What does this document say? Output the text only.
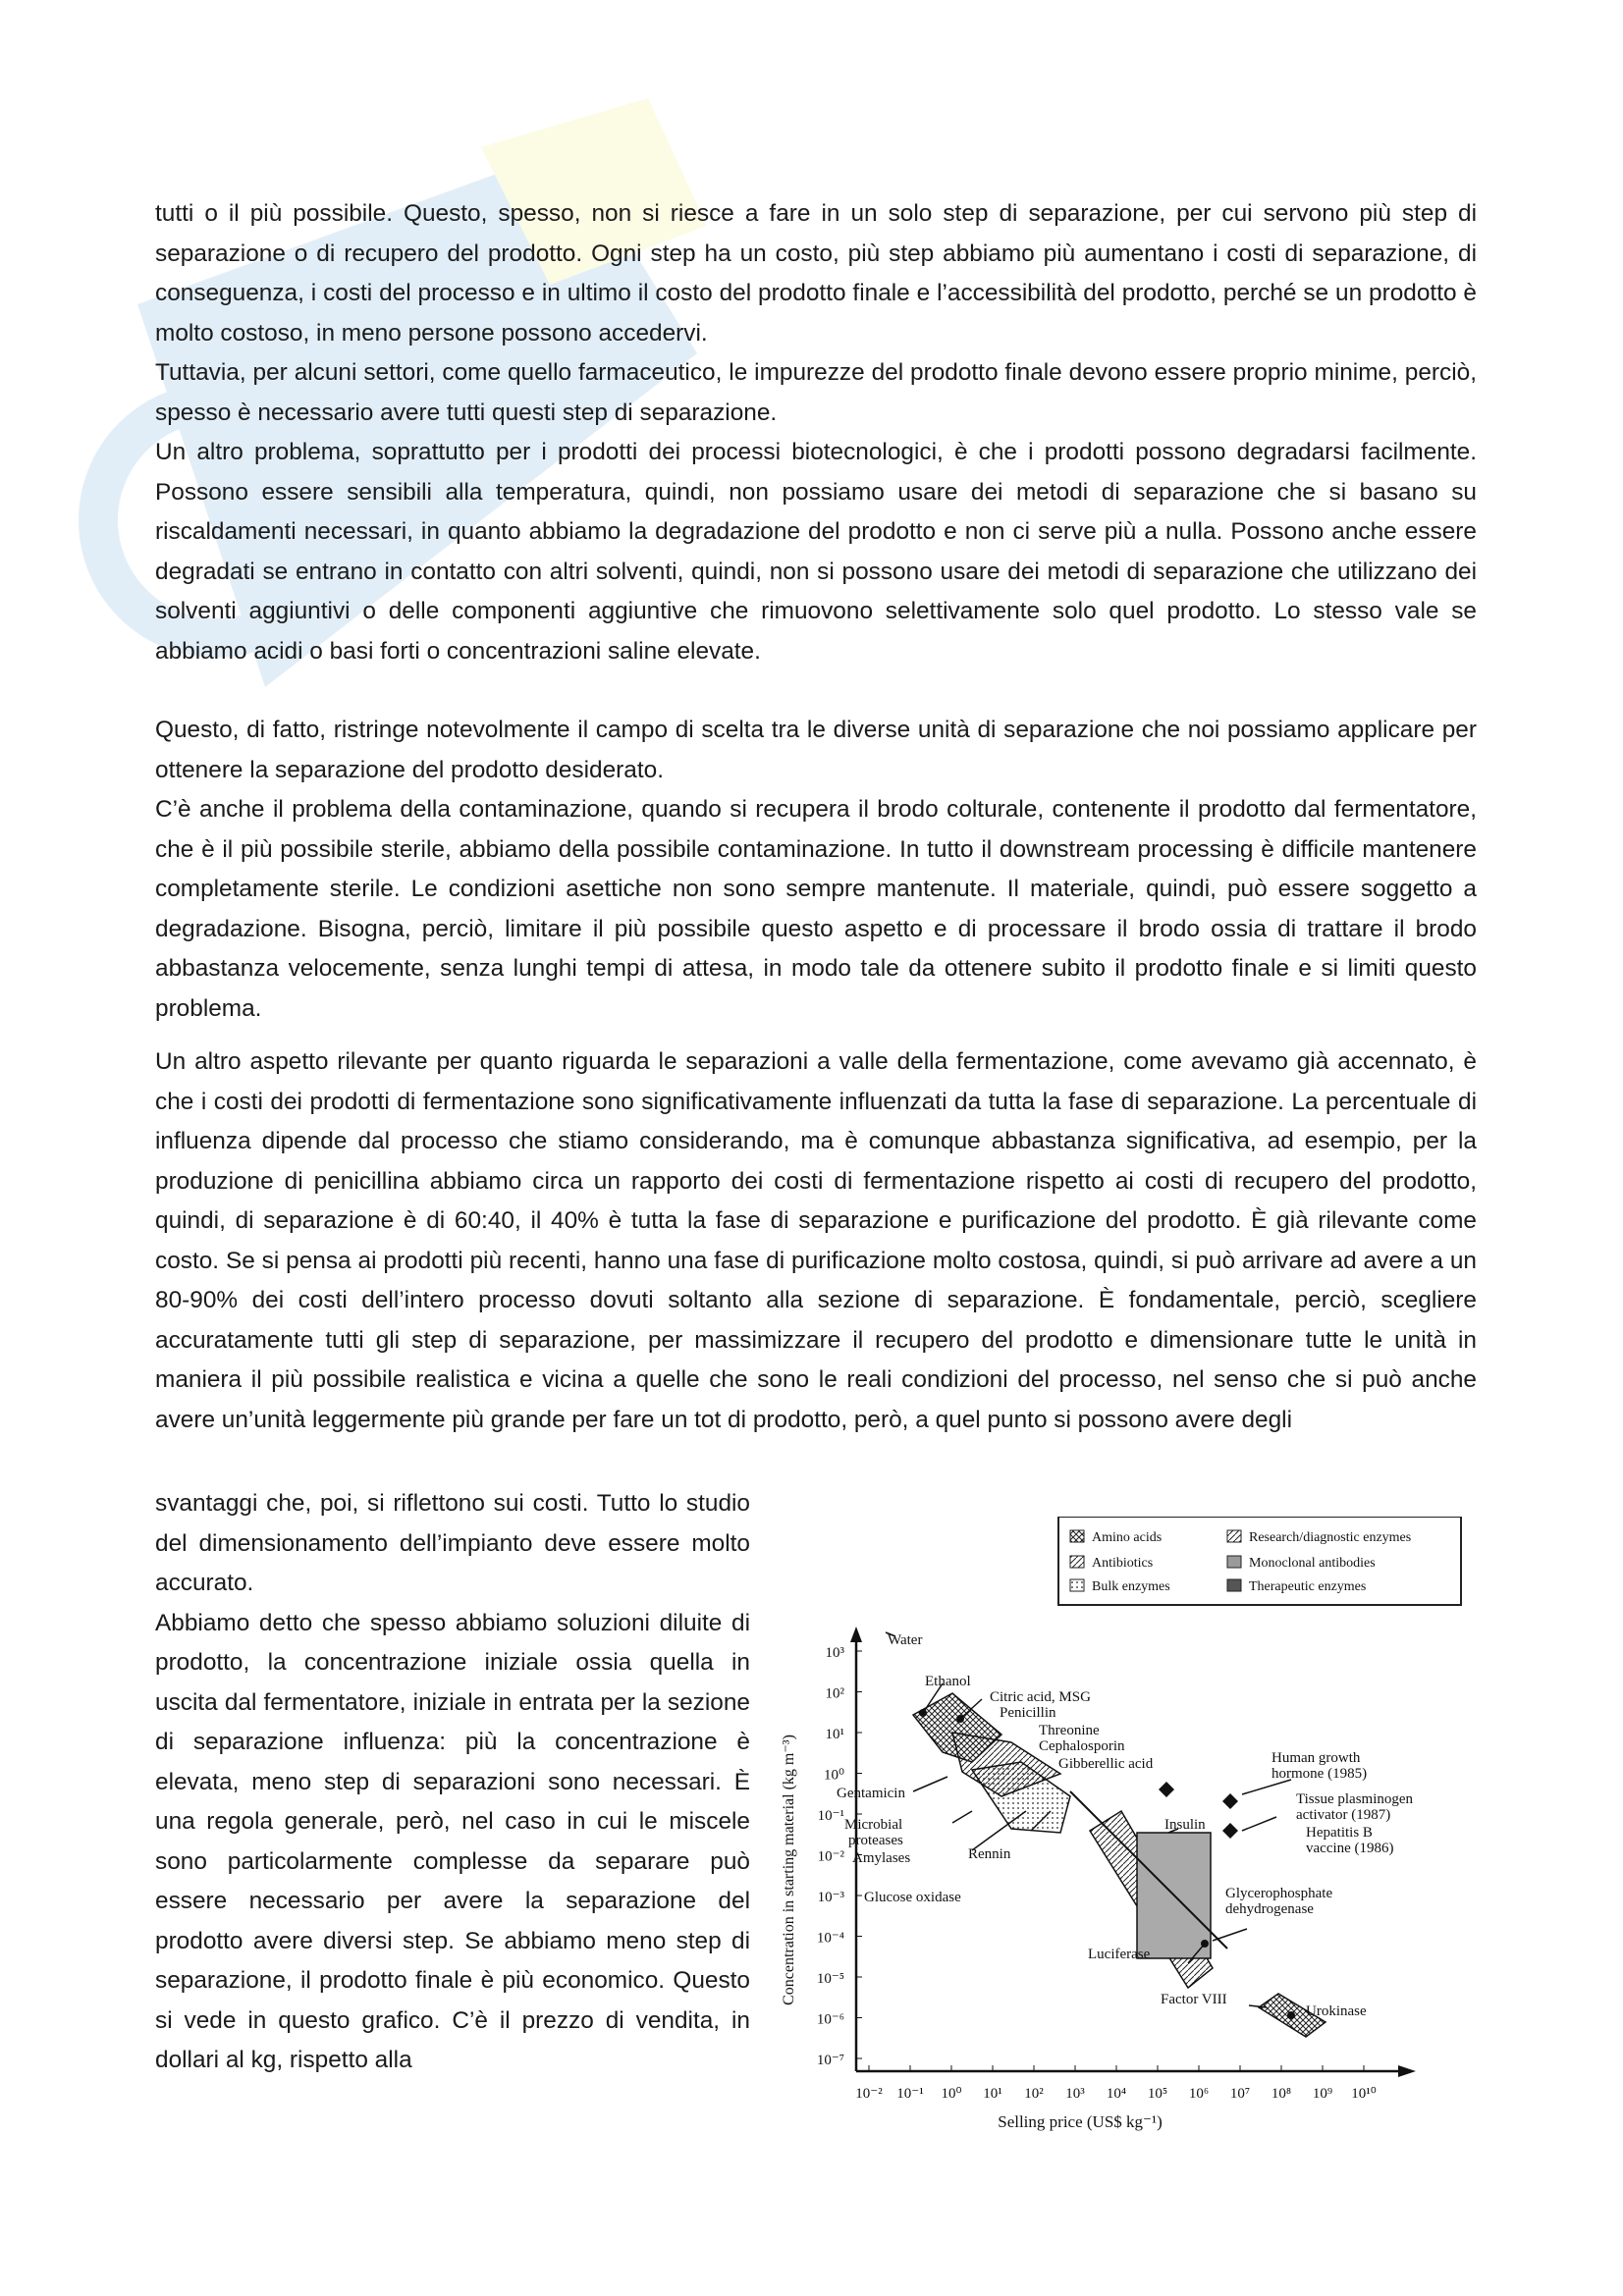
tutti o il più possibile. Questo, spesso, non si riesce a fare in un solo step di separazione, per cui servono più step di separazione o di recupero del prodotto. Ogni step ha un costo, più step abbiamo più aumentano i costi di separazione, di conseguenza, i costi del processo e in ultimo il costo del prodotto finale e l’accessibilità del prodotto, perché se un prodotto è molto costoso, in meno persone possono accedervi.

Tuttavia, per alcuni settori, come quello farmaceutico, le impurezze del prodotto finale devono essere proprio minime, perciò, spesso è necessario avere tutti questi step di separazione.

Un altro problema, soprattutto per i prodotti dei processi biotecnologici, è che i prodotti possono degradarsi facilmente. Possono essere sensibili alla temperatura, quindi, non possiamo usare dei metodi di separazione che si basano su riscaldamenti necessari, in quanto abbiamo la degradazione del prodotto e non ci serve più a nulla. Possono anche essere degradati se entrano in contatto con altri solventi, quindi, non si possono usare dei metodi di separazione che utilizzano dei solventi aggiuntivi o delle componenti aggiuntive che rimuovono selettivamente solo quel prodotto. Lo stesso vale se abbiamo acidi o basi forti o concentrazioni saline elevate.

Questo, di fatto, ristringe notevolmente il campo di scelta tra le diverse unità di separazione che noi possiamo applicare per ottenere la separazione del prodotto desiderato.

C’è anche il problema della contaminazione, quando si recupera il brodo colturale, contenente il prodotto dal fermentatore, che è il più possibile sterile, abbiamo della possibile contaminazione. In tutto il downstream processing è difficile mantenere completamente sterile. Le condizioni asettiche non sono sempre mantenute. Il materiale, quindi, può essere soggetto a degradazione. Bisogna, perciò, limitare il più possibile questo aspetto e di processare il brodo ossia di trattare il brodo abbastanza velocemente, senza lunghi tempi di attesa, in modo tale da ottenere subito il prodotto finale e si limiti questo problema.

Un altro aspetto rilevante per quanto riguarda le separazioni a valle della fermentazione, come avevamo già accennato, è che i costi dei prodotti di fermentazione sono significativamente influenzati da tutta la fase di separazione. La percentuale di influenza dipende dal processo che stiamo considerando, ma è comunque abbastanza significativa, ad esempio, per la produzione di penicillina abbiamo circa un rapporto dei costi di fermentazione rispetto ai costi di recupero del prodotto, quindi, di separazione è di 60:40, il 40% è tutta la fase di separazione e purificazione del prodotto. È già rilevante come costo. Se si pensa ai prodotti più recenti, hanno una fase di purificazione molto costosa, quindi, si può arrivare ad avere a un 80-90% dei costi dell’intero processo dovuti soltanto alla sezione di separazione. È fondamentale, perciò, scegliere accuratamente tutti gli step di separazione, per massimizzare il recupero del prodotto e dimensionare tutte le unità in maniera il più possibile realistica e vicina a quelle che sono le reali condizioni del processo, nel senso che si può anche avere un’unità leggermente più grande per fare un tot di prodotto, però, a quel punto si possono avere degli

svantaggi che, poi, si riflettono sui costi. Tutto lo studio del dimensionamento dell’impianto deve essere molto accurato.

Abbiamo detto che spesso abbiamo soluzioni diluite di prodotto, la concentrazione iniziale ossia quella in uscita dal fermentatore, iniziale in entrata per la sezione di separazione influenza: più la concentrazione è elevata, meno step di separazioni sono necessari. È una regola generale, però, nel caso in cui le miscele sono particolarmente complesse da separare può essere necessario per avere la separazione del prodotto avere diversi step. Se abbiamo meno step di separazione, il prodotto finale è più economico. Questo si vede in questo grafico. C’è il prezzo di vendita, in dollari al kg, rispetto alla

Amino acids
Antibiotics
Bulk enzymes
Research/diagnostic enzymes
Monoclonal antibodies
Therapeutic enzymes
Concentration in starting material (kg m⁻³)
Selling price (US$ kg⁻¹)
10³
10²
10¹
10⁰
10⁻¹
10⁻²
10⁻³
10⁻⁴
10⁻⁵
10⁻⁶
10⁻⁷
10⁻² 10⁻¹ 10⁰ 10¹ 10² 10³ 10⁴ 10⁵ 10⁶ 10⁷ 10⁸ 10⁹ 10¹⁰
Water
Ethanol
Citric acid, MSG
Penicillin
Threonine
Cephalosporin
Gibberellic acid
Gentamicin
Microbial
proteases
Amylases	Rennin
Glucose oxidase
Insulin
Human growth
hormone (1985)
Tissue plasminogen
activator (1987)
Hepatitis B
vaccine (1986)
Glycerophosphate
dehydrogenase
Luciferase
Factor VIII
Urokinase
